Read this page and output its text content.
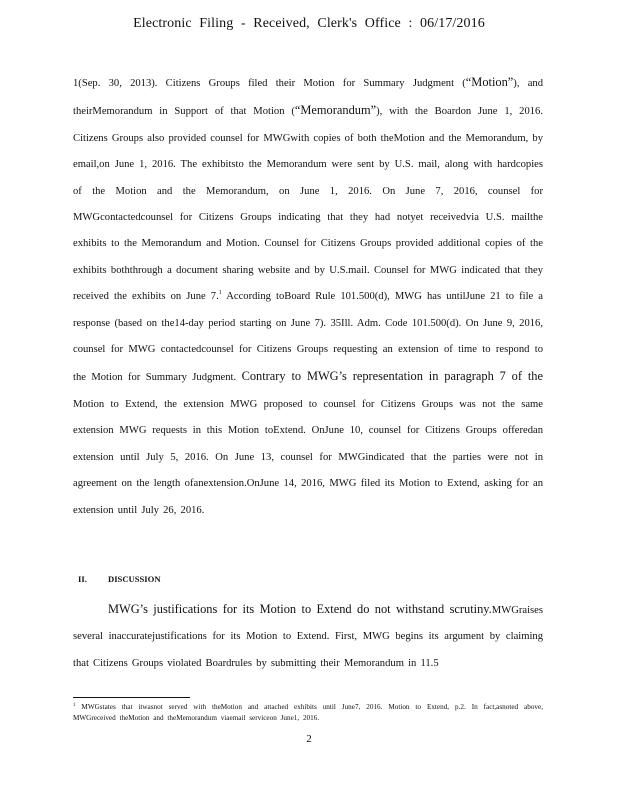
Electronic Filing - Received, Clerk's Office : 06/17/2016

1(Sep. 30, 2013). Citizens Groups filed their Motion for Summary Judgment (“Motion”), and theirMemorandum in Support of that Motion (“Memorandum”), with the Boardon June 1, 2016. Citizens Groups also provided counsel for MWGwith copies of both theMotion and the Memorandum, by email,on June 1, 2016. The exhibitsto the Memorandum were sent by U.S. mail, along with hardcopies of the Motion and the Memorandum, on June 1, 2016. On June 7, 2016, counsel for MWGcontactedcounsel for Citizens Groups indicating that they had notyet receivedvia U.S. mailthe exhibits to the Memorandum and Motion. Counsel for Citizens Groups provided additional copies of the exhibits boththrough a document sharing website and by U.S.mail. Counsel for MWG indicated that they received the exhibits on June 7.$^1$ According toBoard Rule 101.500(d), MWG has untilJune 21 to file a response (based on the14-day period starting on June 7). 35Ill. Adm. Code 101.500(d). On June 9, 2016, counsel for MWG contactedcounsel for Citizens Groups requesting an extension of time to respond to the Motion for Summary Judgment. Contrary to MWG’s representation in paragraph 7 of the Motion to Extend, the extension MWG proposed to counsel for Citizens Groups was not the same extension MWG requests in this Motion toExtend. OnJune 10, counsel for Citizens Groups offeredan extension until July 5, 2016. On June 13, counsel for MWGindicated that the parties were not in agreement on the length ofanextension.OnJune 14, 2016, MWG filed its Motion to Extend, asking for an extension until July 26, 2016.

II. DISCUSSION

MWG’s justifications for its Motion to Extend do not withstand scrutiny.MWGraises several inaccuratejustifications for its Motion to Extend. First, MWG begins its argument by claiming that Citizens Groups violated Boardrules by submitting their Memorandum in 11.5

$^1$ MWGstates that itwasnot served with theMotion and attached exhibits until June7, 2016. Motion to Extend, p.2. In fact,asnoted above, MWGreceived theMotion and theMemorandum viaemail serviceon June1, 2016.

2
